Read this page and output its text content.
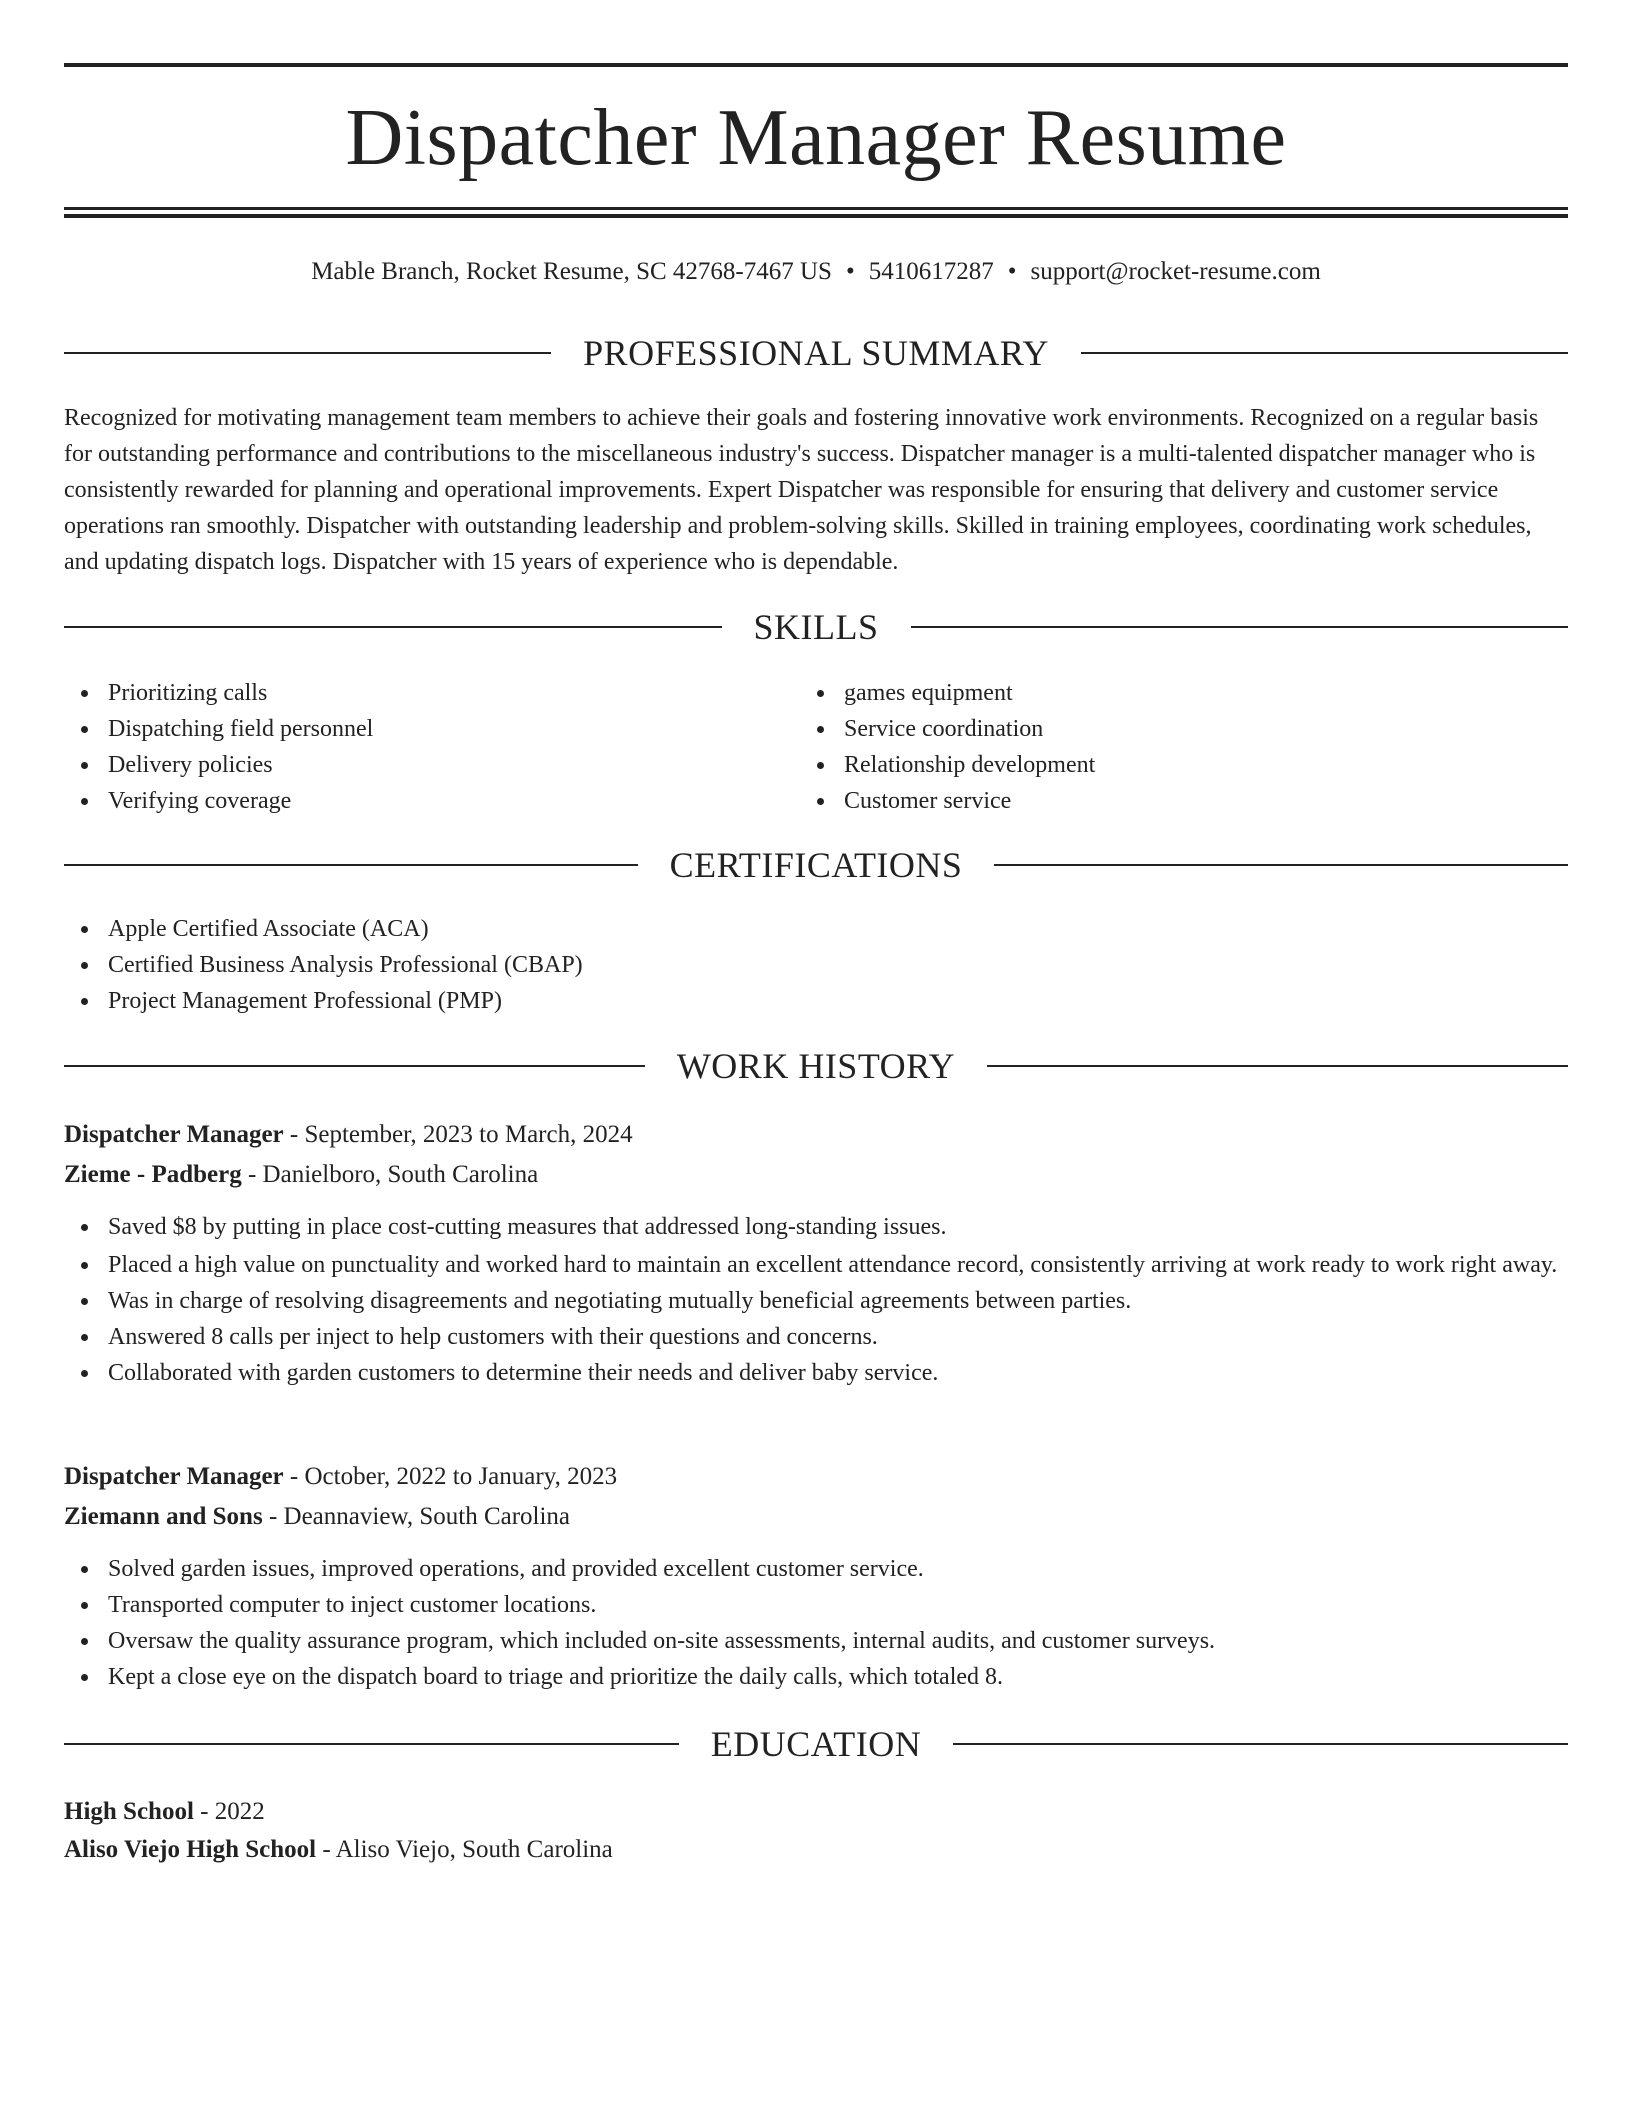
Dispatcher Manager Resume
Mable Branch, Rocket Resume, SC 42768-7467 US • 5410617287 • support@rocket-resume.com
PROFESSIONAL SUMMARY

Recognized for motivating management team members to achieve their goals and fostering innovative work environments. Recognized on a regular basis for outstanding performance and contributions to the miscellaneous industry's success. Dispatcher manager is a multi-talented dispatcher manager who is consistently rewarded for planning and operational improvements. Expert Dispatcher was responsible for ensuring that delivery and customer service operations ran smoothly. Dispatcher with outstanding leadership and problem-solving skills. Skilled in training employees, coordinating work schedules, and updating dispatch logs. Dispatcher with 15 years of experience who is dependable.

SKILLS
Prioritizing calls
Dispatching field personnel
Delivery policies
Verifying coverage
games equipment
Service coordination
Relationship development
Customer service
CERTIFICATIONS
Apple Certified Associate (ACA)
Certified Business Analysis Professional (CBAP)
Project Management Professional (PMP)
WORK HISTORY
Dispatcher Manager - September, 2023 to March, 2024
Zieme - Padberg - Danielboro, South Carolina
Saved $8 by putting in place cost-cutting measures that addressed long-standing issues.
Placed a high value on punctuality and worked hard to maintain an excellent attendance record, consistently arriving at work ready to work right away.
Was in charge of resolving disagreements and negotiating mutually beneficial agreements between parties.
Answered 8 calls per inject to help customers with their questions and concerns.
Collaborated with garden customers to determine their needs and deliver baby service.
Dispatcher Manager - October, 2022 to January, 2023
Ziemann and Sons - Deannaview, South Carolina
Solved garden issues, improved operations, and provided excellent customer service.
Transported computer to inject customer locations.
Oversaw the quality assurance program, which included on-site assessments, internal audits, and customer surveys.
Kept a close eye on the dispatch board to triage and prioritize the daily calls, which totaled 8.
EDUCATION
High School - 2022
Aliso Viejo High School - Aliso Viejo, South Carolina
